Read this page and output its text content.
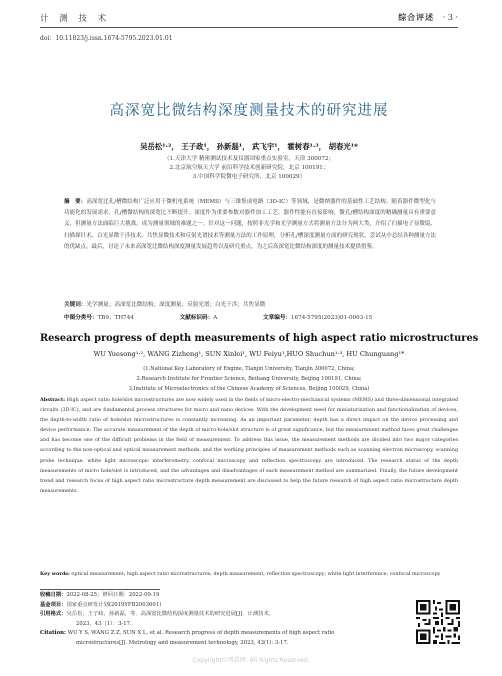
计 测 技 术	综合评述 · 3 ·
doi：10.11823/j.issn.1674-5795.2023.01.01
高深宽比微结构深度测量技术的研究进展
吴岳松¹·²， 王子政¹， 孙新磊¹， 武飞宇¹， 霍树春¹·³， 胡春光¹*
（1.天津大学 精密测试技术及仪器国家重点实验室，天津 300072；
2.北京航空航天大学 前沿科学技术创新研究院，北京 100191；
3.中国科学院微电子研究所，北京 100029）
摘　要：高深宽比孔/槽微结构广泛应用于微机电系统（MEMS）与三维集成电路（3D-IC）等领域，是微纳器件的基础性工艺结构。随着器件微型化与功能化的发展需求，孔/槽微结构的深宽比不断提升。深度作为重要参数对器件加工工艺、器件性能有直接影响，微孔/槽结构深度的精确测量具有重要意义，但测量方法面临巨大挑战，成为测量领域的难题之一。针对这一问题，按照非光学和光学测量方式将测量方法分为两大类，介绍了扫描电子显微镜、扫描探针术、白光显微干涉技术、共焦显微技术和反射光谱技术等测量方法的工作原理，分析孔/槽深度测量方面的研究现状，尝试从中总结各种测量方法的优缺点。最后，讨论了未来高深宽比微结构深度测量发展趋势以及研究重点，为之后高深宽比微结构深度的测量技术提供借鉴。
关键词：光学测量；高深宽比微结构；深度测量；反射光谱；白光干涉；共焦显微
中图分类号：TB9；TH744	文献标识码：A	文章编号：1674-5795(2023)01-0003-15
Research progress of depth measurements of high aspect ratio microstructures
WU Yuesong¹·², WANG Zizheng¹, SUN Xinlei¹, WU Feiyu¹,HUO Shuchun¹·³, HU Chunguang¹*
(1.National Key Laboratory of Engine, Tianjin University, Tianjin 300072, China;
2.Research Institute for Frontier Science, Beihang University, Beijing 100191, China;
3.Institute of Microelectronics of the Chinese Academy of Sciences, Beijing 100029, China)
Abstract: High aspect ratio hole/slot microstructures are now widely used in the fields of micro-electro-mechanical systems (MEMS) and three-dimensional integrated circuits (3D-IC), and are fundamental process structures for micro and nano devices. With the development need for miniaturization and functionalization of devices, the depth-to-width ratio of hole/slot microstructures is constantly increasing. As an important parameter, depth has a direct impact on the device processing and device performance. The accurate measurement of the depth of micro-hole/slot structure is of great significance, but the measurement method faces great challenges and has become one of the difficult problems in the field of measurement. To address this issue, the measurement methods are divided into two major categories according to the non-optical and optical measurement methods, and the working principles of measurement methods such as scanning electron microscopy, scanning probe technique, white light microscopic interferometry, confocal microscopy and reflection spectroscopy are introduced. The research status of the depth measurements of micro hole/slot is introduced, and the advantages and disadvantages of each measurement method are summarized. Finally, the future development trend and research focus of high aspect ratio microstructure depth measurement are discussed to help the future research of high aspect ratio microstructure depth measurements.
Key words: optical measurement; high aspect ratio microstructures; depth measurement; reflection spectroscopy; white light interference; confocal microscopy
收稿日期： 2022-08-25；修回日期：2022-09-19
基金项目： 国家重点研发计划(2019YFB2003601)
引用格式： 吴岳松，王子政，孙新磊，等．高深宽比微结构深度测量技术的研究进展[J]．计测技术，
2023，43（1）：3-17.
Citation:
WU Y S, WANG Z Z, SUN X L, et al. Research progress of depth measurements of high aspect ratio
microstructures[J]. Metrology and measurement technology, 2023, 43(1): 3-17.
Copyright©博看网. All Rights Reserved.
